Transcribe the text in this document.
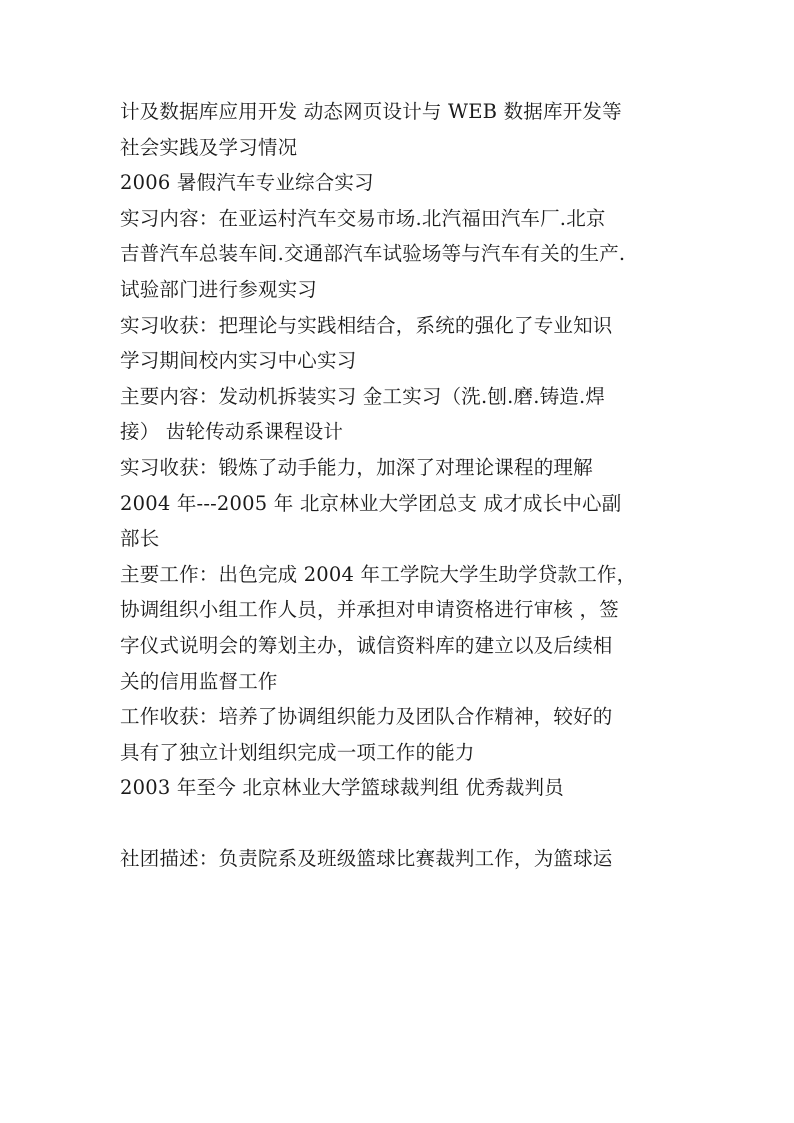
计及数据库应用开发 动态网页设计与 WEB 数据库开发等
社会实践及学习情况
2006 暑假汽车专业综合实习
实习内容：在亚运村汽车交易市场.北汽福田汽车厂.北京
吉普汽车总装车间.交通部汽车试验场等与汽车有关的生产.
试验部门进行参观实习
实习收获：把理论与实践相结合，系统的强化了专业知识
学习期间校内实习中心实习
主要内容：发动机拆装实习 金工实习（洗.刨.磨.铸造.焊
接） 齿轮传动系课程设计
实习收获：锻炼了动手能力，加深了对理论课程的理解
2004 年---2005 年 北京林业大学团总支 成才成长中心副
部长
主要工作：出色完成 2004 年工学院大学生助学贷款工作，
协调组织小组工作人员，并承担对申请资格进行审核 ，签
字仪式说明会的筹划主办，诚信资料库的建立以及后续相
关的信用监督工作
工作收获：培养了协调组织能力及团队合作精神，较好的
具有了独立计划组织完成一项工作的能力
2003 年至今 北京林业大学篮球裁判组 优秀裁判员
社团描述：负责院系及班级篮球比赛裁判工作，为篮球运
